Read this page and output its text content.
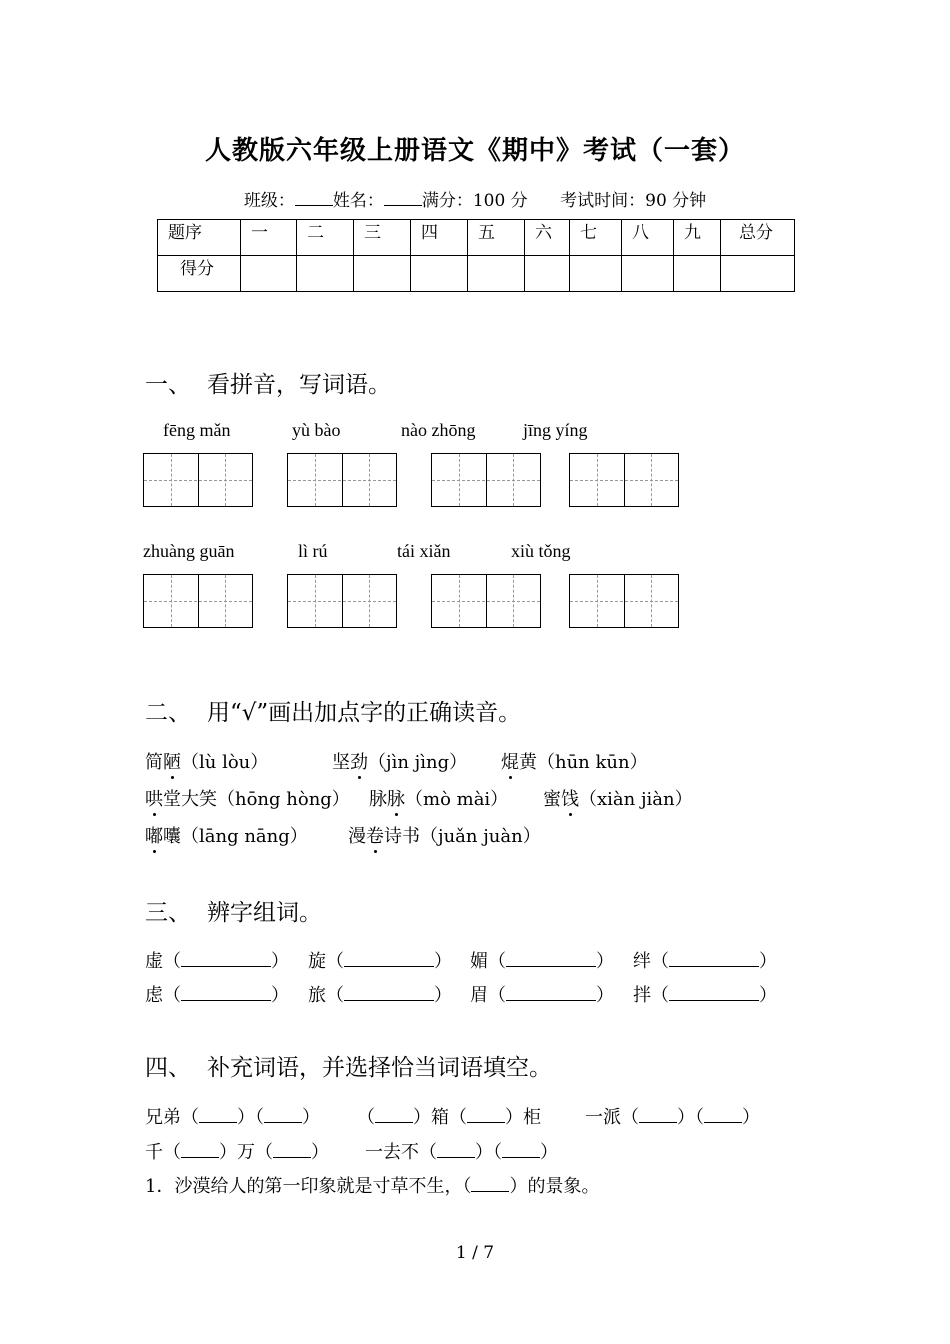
人教版六年级上册语文《期中》考试（一套）
班级： 姓名： 满分：100 分 考试时间：90 分钟
题序	一	二	三	四	五	六	七	八	九	总分
得分										
一、 看拼音，写词语。
fēng mǎn	yù bào	nào zhōng	jīng yíng
zhuàng guān	lì rú	tái xiǎn	xiù tǒng
二、 用“√”画出加点字的正确读音。
简陋（lù lòu）	坚劲（jìn jìng） 焜黄（hūn kūn）
哄堂大笑（hōng hòng） 脉脉（mò mài） 蜜饯（xiàn jiàn）
嘟囔（lāng nāng） 漫卷诗书（juǎn juàn）
三、 辨字组词。
虚（	） 旋（	） 媚（	） 绊（	）
虑（	） 旅（	） 眉（	） 拌（	）
四、 补充词语，并选择恰当词语填空。
兄弟（ ）（ ） （ ）箱（ ）柜 一派（ ）（ ）
千（ ）万（ ） 一去不（ ）（ ）
1．沙漠给人的第一印象就是寸草不生，（ ）的景象。
1 / 7
